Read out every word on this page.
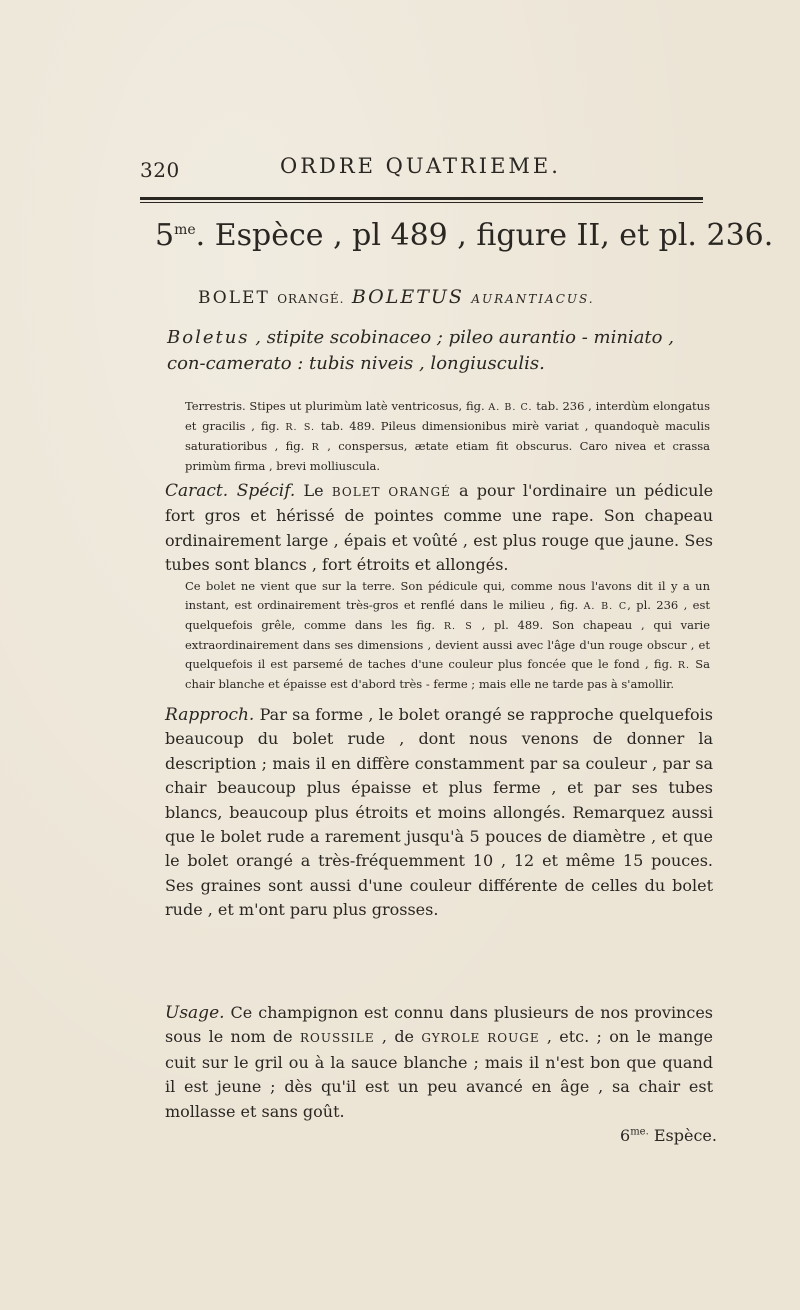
320	ORDRE QUATRIEME.
$5^{me}$. Espèce , pl 489 , figure II, et pl. 236.
BOLET ORANGÉ. BOLETUS AURANTIACUS.
Boletus , stipite scobinaceo ; pileo aurantio - miniato , con-camerato : tubis niveis , longiusculis.
Terrestris. Stipes ut plurimùm latè ventricosus, fig. A. B. C. tab. 236 , interdùm elongatus et gracilis , fig. R. S. tab. 489. Pileus dimensionibus mirè variat , quandoquè maculis saturatioribus , fig. R , conspersus, ætate etiam fit obscurus. Caro nivea et crassa primùm firma , brevi molliuscula.
Caract. Spécif. Le BOLET ORANGÉ a pour l'ordinaire un pédicule fort gros et hérissé de pointes comme une rape. Son chapeau ordinairement large , épais et voûté , est plus rouge que jaune. Ses tubes sont blancs , fort étroits et allongés.
Ce bolet ne vient que sur la terre. Son pédicule qui, comme nous l'avons dit il y a un instant, est ordinairement très-gros et renflé dans le milieu , fig. A. B. C, pl. 236 , est quelquefois grêle, comme dans les fig. R. S , pl. 489. Son chapeau , qui varie extraordinairement dans ses dimensions , devient aussi avec l'âge d'un rouge obscur , et quelquefois il est parsemé de taches d'une couleur plus foncée que le fond , fig. R. Sa chair blanche et épaisse est d'abord très - ferme ; mais elle ne tarde pas à s'amollir.
Rapproch. Par sa forme , le bolet orangé se rapproche quelquefois beaucoup du bolet rude , dont nous venons de donner la description ; mais il en diffère constamment par sa couleur , par sa chair beaucoup plus épaisse et plus ferme , et par ses tubes blancs, beaucoup plus étroits et moins allongés. Remarquez aussi que le bolet rude a rarement jusqu'à 5 pouces de diamètre , et que le bolet orangé a très-fréquemment 10 , 12 et même 15 pouces. Ses graines sont aussi d'une couleur différente de celles du bolet rude , et m'ont paru plus grosses.
Usage. Ce champignon est connu dans plusieurs de nos provinces sous le nom de ROUSSILE , de GYROLE ROUGE , etc. ; on le mange cuit sur le gril ou à la sauce blanche ; mais il n'est bon que quand il est jeune ; dès qu'il est un peu avancé en âge , sa chair est mollasse et sans goût.
$6^{me.}$ Espèce.
